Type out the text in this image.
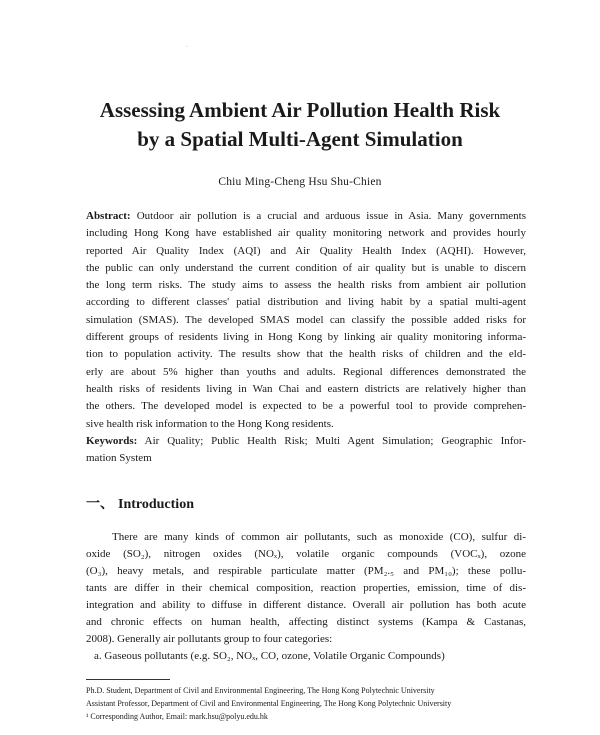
·
Assessing Ambient Air Pollution Health Risk
by a Spatial Multi-Agent Simulation
Chiu Ming-Cheng Hsu Shu-Chien
Abstract: Outdoor air pollution is a crucial and arduous issue in Asia. Many governments
including Hong Kong have established air quality monitoring network and provides hourly
reported Air Quality Index (AQI) and Air Quality Health Index (AQHI). However,
the public can only understand the current condition of air quality but is unable to discern
the long term risks. The study aims to assess the health risks from ambient air pollution
according to different classes' patial distribution and living habit by a spatial multi-agent
simulation (SMAS). The developed SMAS model can classify the possible added risks for
different groups of residents living in Hong Kong by linking air quality monitoring informa-
tion to population activity. The results show that the health risks of children and the eld-
erly are about 5% higher than youths and adults. Regional differences demonstrated the
health risks of residents living in Wan Chai and eastern districts are relatively higher than
the others. The developed model is expected to be a powerful tool to provide comprehen-
sive health risk information to the Hong Kong residents.
Keywords: Air Quality; Public Health Risk; Multi Agent Simulation; Geographic Infor-
mation System
一、 Introduction
There are many kinds of common air pollutants, such as monoxide (CO), sulfur di-
oxide (SO₂), nitrogen oxides (NOₓ), volatile organic compounds (VOCₓ), ozone
(O₃), heavy metals, and respirable particulate matter (PM₂.₅ and PM₁₀); these pollu-
tants are differ in their chemical composition, reaction properties, emission, time of dis-
integration and ability to diffuse in different distance. Overall air pollution has both acute
and chronic effects on human health, affecting distinct systems (Kampa & Castanas,
2008). Generally air pollutants group to four categories:
a. Gaseous pollutants (e.g. SO₂, NOₓ, CO, ozone, Volatile Organic Compounds)
Ph.D. Student, Department of Civil and Environmental Engineering, The Hong Kong Polytechnic University
Assistant Professor, Department of Civil and Environmental Engineering, The Hong Kong Polytechnic University
¹ Corresponding Author, Email: mark.hsu@polyu.edu.hk
